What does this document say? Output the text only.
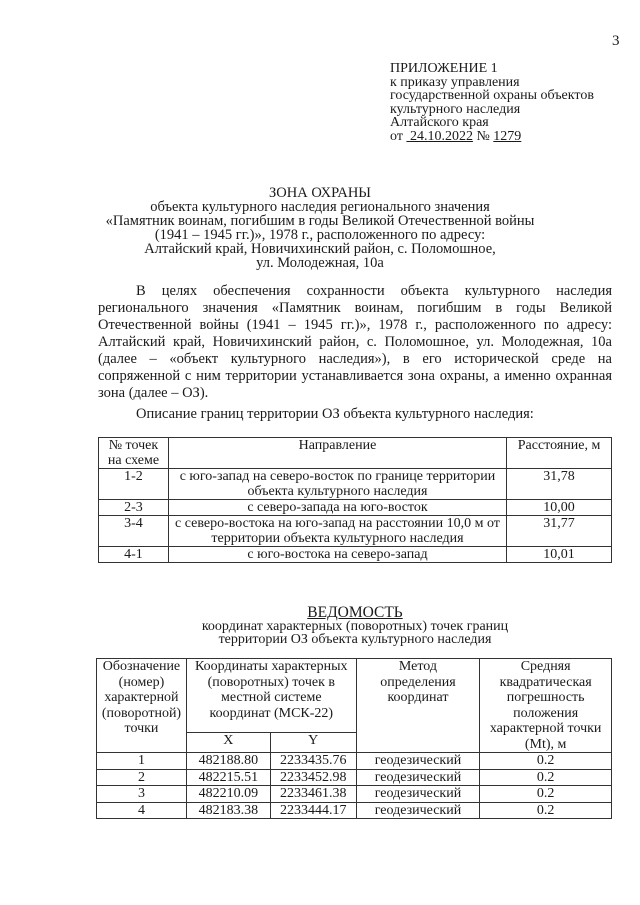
3
ПРИЛОЖЕНИЕ 1
к приказу управления
государственной охраны объектов
культурного наследия
Алтайского края
от 24.10.2022 № 1279
ЗОНА ОХРАНЫ
объекта культурного наследия регионального значения
«Памятник воинам, погибшим в годы Великой Отечественной войны
(1941 – 1945 гг.)», 1978 г., расположенного по адресу:
Алтайский край, Новичихинский район, с. Поломошное,
ул. Молодежная, 10а

В целях обеспечения сохранности объекта культурного наследия регионального значения «Памятник воинам, погибшим в годы Великой Отечественной войны (1941 – 1945 гг.)», 1978 г., расположенного по адресу: Алтайский край, Новичихинский район, с. Поломошное, ул. Молодежная, 10а (далее – «объект культурного наследия»), в его исторической среде на сопряженной с ним территории устанавливается зона охраны, а именно охранная зона (далее – ОЗ).

Описание границ территории ОЗ объекта культурного наследия:
№ точек на схеме	Направление	Расстояние, м
1-2	с юго-запад на северо-восток по границе территории объекта культурного наследия	31,78
2-3	с северо-запада на юго-восток	10,00
3-4	с северо-востока на юго-запад на расстоянии 10,0 м от территории объекта культурного наследия	31,77
4-1	с юго-востока на северо-запад	10,01
ВЕДОМОСТЬ
координат характерных (поворотных) точек границ
территории ОЗ объекта культурного наследия
Обозначение (номер) характерной (поворотной) точки	Координаты характерных (поворотных) точек в местной системе координат (МСК-22)		Метод определения координат	Средняя квадратическая погрешность положения характерной точки (Mt), м
	X	Y		
1	482188.80	2233435.76	геодезический	0.2
2	482215.51	2233452.98	геодезический	0.2
3	482210.09	2233461.38	геодезический	0.2
4	482183.38	2233444.17	геодезический	0.2
